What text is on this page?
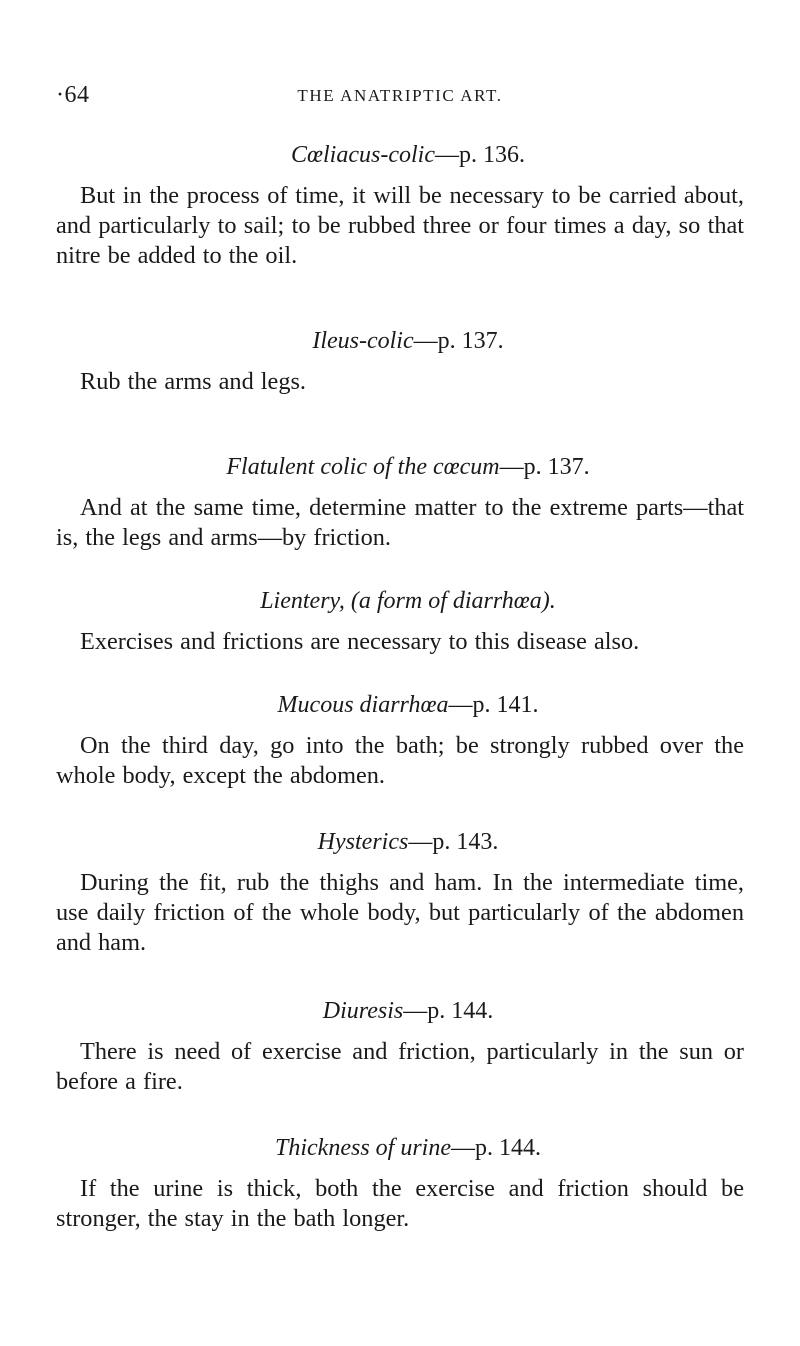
·64	THE ANATRIPTIC ART.

Cœliacus-colic—p. 136.

But in the process of time, it will be necessary to be carried about, and particularly to sail; to be rubbed three or four times a day, so that nitre be added to the oil.

Ileus-colic—p. 137.

Rub the arms and legs.

Flatulent colic of the cœcum—p. 137.

And at the same time, determine matter to the extreme parts—that is, the legs and arms—by friction.

Lientery, (a form of diarrhœa).

Exercises and frictions are necessary to this disease also.

Mucous diarrhœa—p. 141.

On the third day, go into the bath; be strongly rubbed over the whole body, except the abdomen.

Hysterics—p. 143.

During the fit, rub the thighs and ham. In the intermediate time, use daily friction of the whole body, but particularly of the abdomen and ham.

Diuresis—p. 144.

There is need of exercise and friction, particularly in the sun or before a fire.

Thickness of urine—p. 144.

If the urine is thick, both the exercise and friction should be stronger, the stay in the bath longer.
